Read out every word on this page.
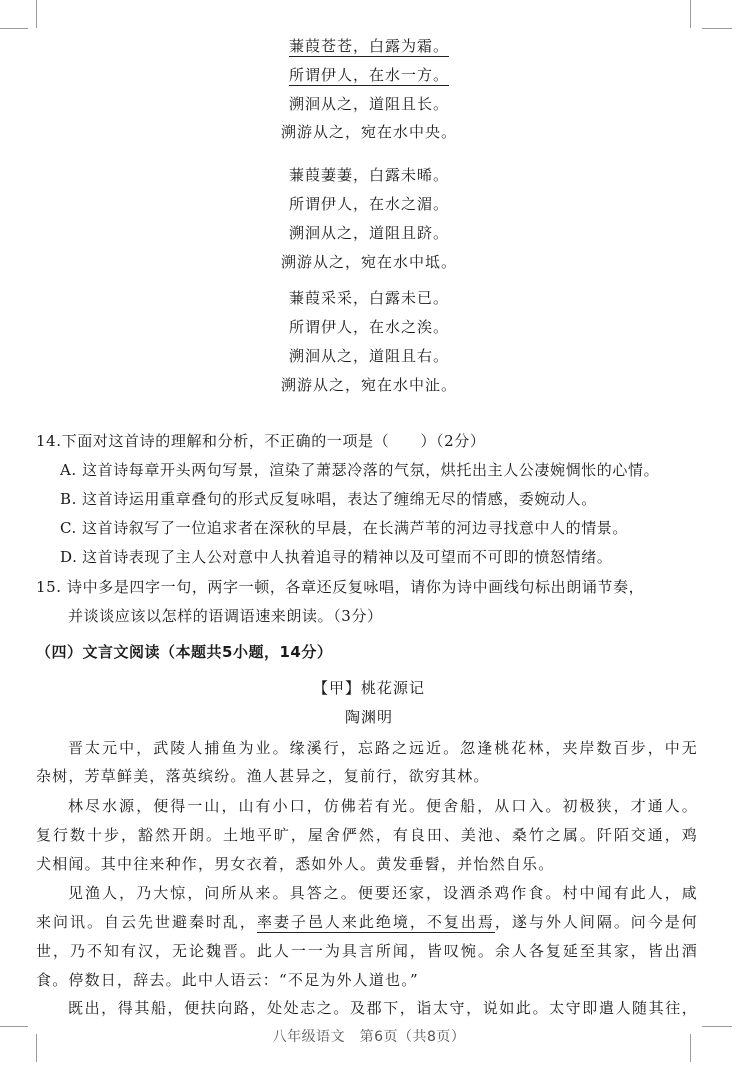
蒹葭苍苍，白露为霜。
所谓伊人，在水一方。
溯洄从之，道阻且长。
溯游从之，宛在水中央。
蒹葭萋萋，白露未晞。
所谓伊人，在水之湄。
溯洄从之，道阻且跻。
溯游从之，宛在水中坻。
蒹葭采采，白露未已。
所谓伊人，在水之涘。
溯洄从之，道阻且右。
溯游从之，宛在水中沚。
14.下面对这首诗的理解和分析，不正确的一项是（　　）（2分）
A. 这首诗每章开头两句写景，渲染了萧瑟冷落的气氛，烘托出主人公凄婉惆怅的心情。
B. 这首诗运用重章叠句的形式反复咏唱，表达了缠绵无尽的情感，委婉动人。
C. 这首诗叙写了一位追求者在深秋的早晨，在长满芦苇的河边寻找意中人的情景。
D. 这首诗表现了主人公对意中人执着追寻的精神以及可望而不可即的愤怒情绪。
15. 诗中多是四字一句，两字一顿，各章还反复咏唱，请你为诗中画线句标出朗诵节奏，
并谈谈应该以怎样的语调语速来朗读。（3分）
（四）文言文阅读（本题共5小题，14分）
【甲】桃花源记
陶渊明
晋太元中，武陵人捕鱼为业。缘溪行，忘路之远近。忽逢桃花林，夹岸数百步，中无
杂树，芳草鲜美，落英缤纷。渔人甚异之，复前行，欲穷其林。
林尽水源，便得一山，山有小口，仿佛若有光。便舍船，从口入。初极狭，才通人。
复行数十步，豁然开朗。土地平旷，屋舍俨然，有良田、美池、桑竹之属。阡陌交通，鸡
犬相闻。其中往来种作，男女衣着，悉如外人。黄发垂髫，并怡然自乐。
见渔人，乃大惊，问所从来。具答之。便要还家，设酒杀鸡作食。村中闻有此人，咸
来问讯。自云先世避秦时乱，率妻子邑人来此绝境，不复出焉，遂与外人间隔。问今是何
世，乃不知有汉，无论魏晋。此人一一为具言所闻，皆叹惋。余人各复延至其家，皆出酒
食。停数日，辞去。此中人语云：“不足为外人道也。”
既出，得其船，便扶向路，处处志之。及郡下，诣太守，说如此。太守即遣人随其往，
八年级语文　第6页（共8页）
